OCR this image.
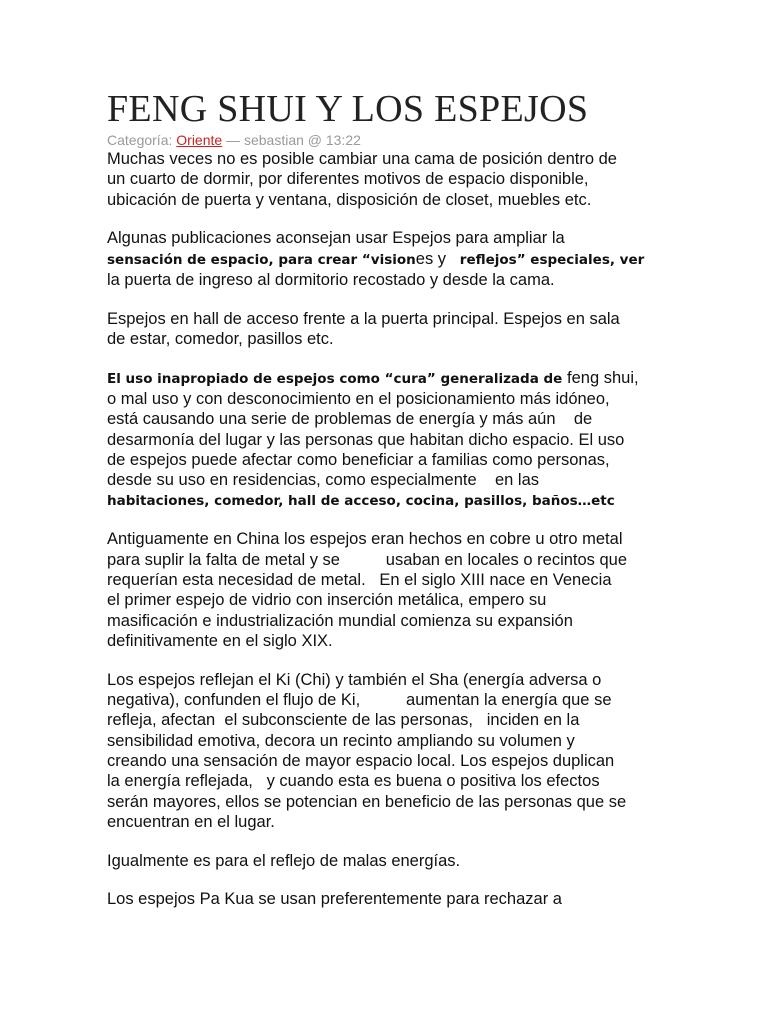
FENG SHUI Y LOS ESPEJOS
Categoría: Oriente — sebastian @ 13:22

Muchas veces no es posible cambiar una cama de posición dentro de
un cuarto de dormir, por diferentes motivos de espacio disponible,
ubicación de puerta y ventana, disposición de closet, muebles etc.

Algunas publicaciones aconsejan usar Espejos para ampliar la
sensación de espacio, para crear “visiones y   reflejos” especiales, ver
la puerta de ingreso al dormitorio recostado y desde la cama.

Espejos en hall de acceso frente a la puerta principal. Espejos en sala
de estar, comedor, pasillos etc.

El uso inapropiado de espejos como “cura” generalizada de feng shui,
o mal uso y con desconocimiento en el posicionamiento más idóneo,
está causando una serie de problemas de energía y más aún    de
desarmonía del lugar y las personas que habitan dicho espacio. El uso
de espejos puede afectar como beneficiar a familias como personas,
desde su uso en residencias, como especialmente    en las
habitaciones, comedor, hall de acceso, cocina, pasillos, baños…etc

Antiguamente en China los espejos eran hechos en cobre u otro metal
para suplir la falta de metal y se          usaban en locales o recintos que
requerían esta necesidad de metal.   En el siglo XIII nace en Venecia
el primer espejo de vidrio con inserción metálica, empero su
masificación e industrialización mundial comienza su expansión
definitivamente en el siglo XIX.

Los espejos reflejan el Ki (Chi) y también el Sha (energía adversa o
negativa), confunden el flujo de Ki,          aumentan la energía que se
refleja, afectan  el subconsciente de las personas,   inciden en la
sensibilidad emotiva, decora un recinto ampliando su volumen y
creando una sensación de mayor espacio local. Los espejos duplican
la energía reflejada,   y cuando esta es buena o positiva los efectos
serán mayores, ellos se potencian en beneficio de las personas que se
encuentran en el lugar.

Igualmente es para el reflejo de malas energías.

Los espejos Pa Kua se usan preferentemente para rechazar a
